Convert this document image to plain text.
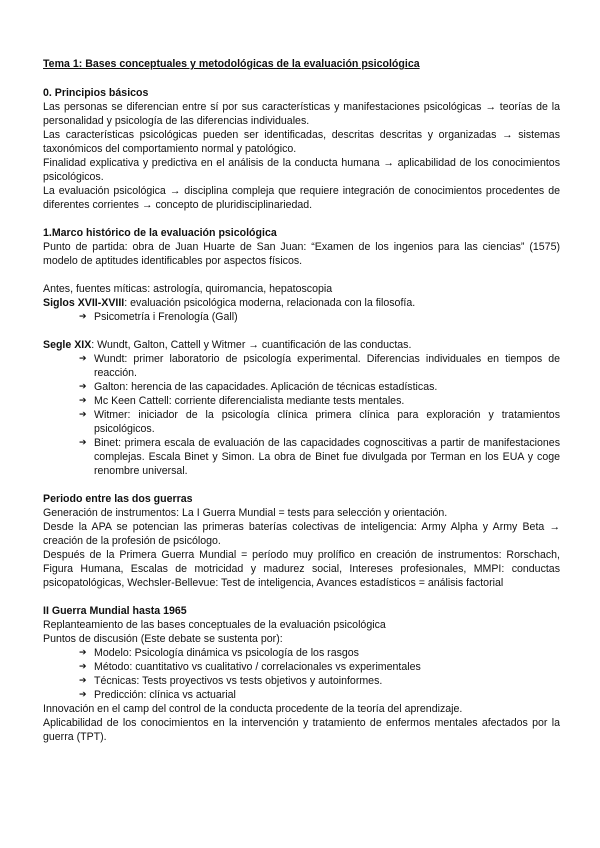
Tema 1: Bases conceptuales y metodológicas de la evaluación psicológica
0. Principios básicos

Las personas se diferencian entre sí por sus características y manifestaciones psicológicas → teorías de la personalidad y psicología de las diferencias individuales.

Las características psicológicas pueden ser identificadas, descritas descritas y organizadas → sistemas taxonómicos del comportamiento normal y patológico.

Finalidad explicativa y predictiva en el análisis de la conducta humana → aplicabilidad de los conocimientos psicológicos.

La evaluación psicológica → disciplina compleja que requiere integración de conocimientos procedentes de diferentes corrientes → concepto de pluridisciplinariedad.

1.Marco histórico de la evaluación psicológica

Punto de partida: obra de Juan Huarte de San Juan: “Examen de los ingenios para las ciencias” (1575) modelo de aptitudes identificables por aspectos físicos.

Antes, fuentes míticas: astrología, quiromancia, hepatoscopia

Siglos XVII-XVIII: evaluación psicológica moderna, relacionada con la filosofía.

➔ Psicometría i Frenología (Gall)

Segle XIX: Wundt, Galton, Cattell y Witmer → cuantificación de las conductas.

➔ Wundt: primer laboratorio de psicología experimental. Diferencias individuales en tiempos de reacción.
➔ Galton: herencia de las capacidades. Aplicación de técnicas estadísticas.
➔ Mc Keen Cattell: corriente diferencialista mediante tests mentales.
➔ Witmer: iniciador de la psicología clínica primera clínica para exploración y tratamientos psicológicos.
➔ Binet: primera escala de evaluación de las capacidades cognoscitivas a partir de manifestaciones complejas. Escala Binet y Simon. La obra de Binet fue divulgada por Terman en los EUA y coge renombre universal.
Periodo entre las dos guerras

Generación de instrumentos: La I Guerra Mundial = tests para selección y orientación.

Desde la APA se potencian las primeras baterías colectivas de inteligencia: Army Alpha y Army Beta → creación de la profesión de psicólogo.

Después de la Primera Guerra Mundial = período muy prolífico en creación de instrumentos: Rorschach, Figura Humana, Escalas de motricidad y madurez social, Intereses profesionales, MMPI: conductas psicopatológicas, Wechsler-Bellevue: Test de inteligencia, Avances estadísticos = análisis factorial

II Guerra Mundial hasta 1965

Replanteamiento de las bases conceptuales de la evaluación psicológica

Puntos de discusión (Este debate se sustenta por):

➔ Modelo: Psicología dinámica vs psicología de los rasgos
➔ Método: cuantitativo vs cualitativo / correlacionales vs experimentales
➔ Técnicas: Tests proyectivos vs tests objetivos y autoinformes.
➔ Predicción: clínica vs actuarial

Innovación en el camp del control de la conducta procedente de la teoría del aprendizaje.

Aplicabilidad de los conocimientos en la intervención y tratamiento de enfermos mentales afectados por la guerra (TPT).
